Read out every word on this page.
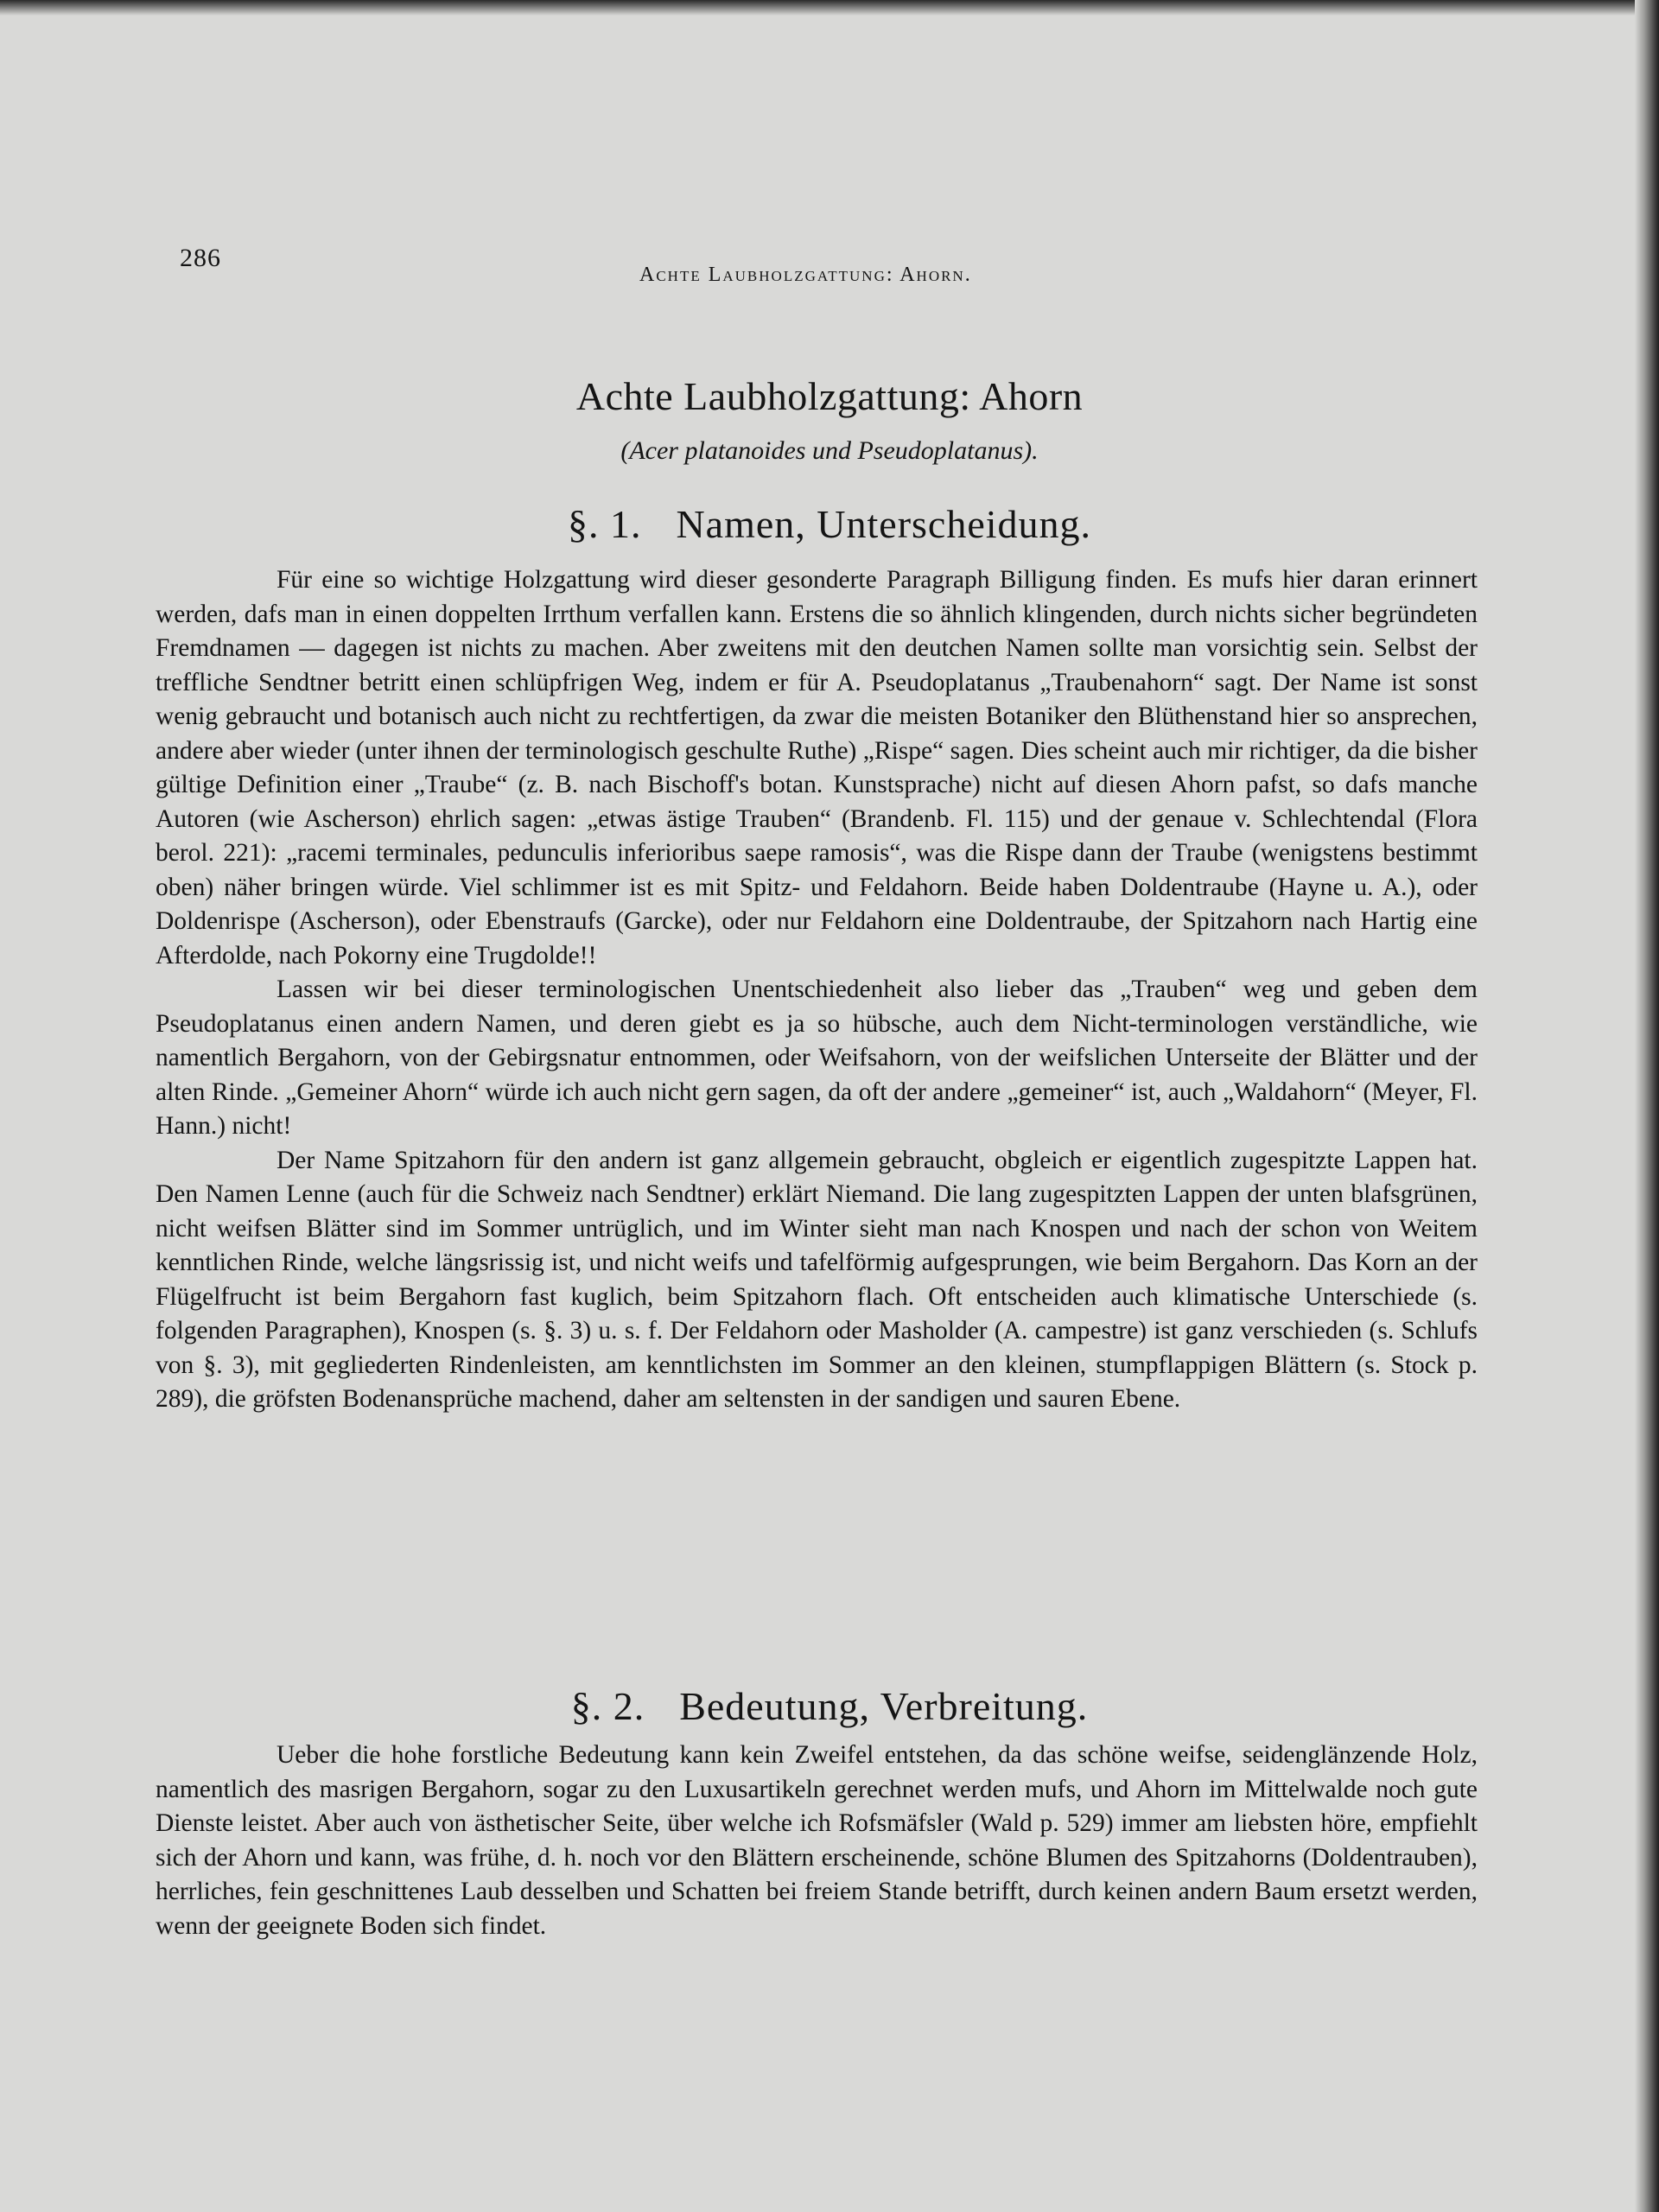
286
Achte Laubholzgattung: Ahorn.
Achte Laubholzgattung: Ahorn
(Acer platanoides und Pseudoplatanus).
§. 1. Namen, Unterscheidung.

Für eine so wichtige Holzgattung wird dieser gesonderte Paragraph Billigung finden. Es mufs hier daran erinnert werden, dafs man in einen doppelten Irrthum verfallen kann. Erstens die so ähnlich klingenden, durch nichts sicher begründeten Fremdnamen — dagegen ist nichts zu machen. Aber zweitens mit den deutchen Namen sollte man vorsichtig sein. Selbst der treffliche Sendtner betritt einen schlüpfrigen Weg, indem er für A. Pseudoplatanus „Traubenahorn“ sagt. Der Name ist sonst wenig gebraucht und botanisch auch nicht zu rechtfertigen, da zwar die meisten Botaniker den Blüthenstand hier so ansprechen, andere aber wieder (unter ihnen der terminologisch geschulte Ruthe) „Rispe“ sagen. Dies scheint auch mir richtiger, da die bisher gültige Definition einer „Traube“ (z. B. nach Bischoff's botan. Kunstsprache) nicht auf diesen Ahorn pafst, so dafs manche Autoren (wie Ascherson) ehrlich sagen: „etwas ästige Trauben“ (Brandenb. Fl. 115) und der genaue v. Schlechtendal (Flora berol. 221): „racemi terminales, pedunculis inferioribus saepe ramosis“, was die Rispe dann der Traube (wenigstens bestimmt oben) näher bringen würde. Viel schlimmer ist es mit Spitz- und Feldahorn. Beide haben Doldentraube (Hayne u. A.), oder Doldenrispe (Ascherson), oder Ebenstraufs (Garcke), oder nur Feldahorn eine Doldentraube, der Spitzahorn nach Hartig eine Afterdolde, nach Pokorny eine Trugdolde!!

Lassen wir bei dieser terminologischen Unentschiedenheit also lieber das „Trauben“ weg und geben dem Pseudoplatanus einen andern Namen, und deren giebt es ja so hübsche, auch dem Nicht-terminologen verständliche, wie namentlich Bergahorn, von der Gebirgsnatur entnommen, oder Weifsahorn, von der weifslichen Unterseite der Blätter und der alten Rinde. „Gemeiner Ahorn“ würde ich auch nicht gern sagen, da oft der andere „gemeiner“ ist, auch „Waldahorn“ (Meyer, Fl. Hann.) nicht!

Der Name Spitzahorn für den andern ist ganz allgemein gebraucht, obgleich er eigentlich zugespitzte Lappen hat. Den Namen Lenne (auch für die Schweiz nach Sendtner) erklärt Niemand. Die lang zugespitzten Lappen der unten blafsgrünen, nicht weifsen Blätter sind im Sommer untrüglich, und im Winter sieht man nach Knospen und nach der schon von Weitem kenntlichen Rinde, welche längsrissig ist, und nicht weifs und tafelförmig aufgesprungen, wie beim Bergahorn. Das Korn an der Flügelfrucht ist beim Bergahorn fast kuglich, beim Spitzahorn flach. Oft entscheiden auch klimatische Unterschiede (s. folgenden Paragraphen), Knospen (s. §. 3) u. s. f. Der Feldahorn oder Masholder (A. campestre) ist ganz verschieden (s. Schlufs von §. 3), mit gegliederten Rindenleisten, am kenntlichsten im Sommer an den kleinen, stumpflappigen Blättern (s. Stock p. 289), die gröfsten Bodenansprüche machend, daher am seltensten in der sandigen und sauren Ebene.

§. 2. Bedeutung, Verbreitung.

Ueber die hohe forstliche Bedeutung kann kein Zweifel entstehen, da das schöne weifse, seidenglänzende Holz, namentlich des masrigen Bergahorn, sogar zu den Luxusartikeln gerechnet werden mufs, und Ahorn im Mittelwalde noch gute Dienste leistet. Aber auch von ästhetischer Seite, über welche ich Rofsmäfsler (Wald p. 529) immer am liebsten höre, empfiehlt sich der Ahorn und kann, was frühe, d. h. noch vor den Blättern erscheinende, schöne Blumen des Spitzahorns (Doldentrauben), herrliches, fein geschnittenes Laub desselben und Schatten bei freiem Stande betrifft, durch keinen andern Baum ersetzt werden, wenn der geeignete Boden sich findet.
